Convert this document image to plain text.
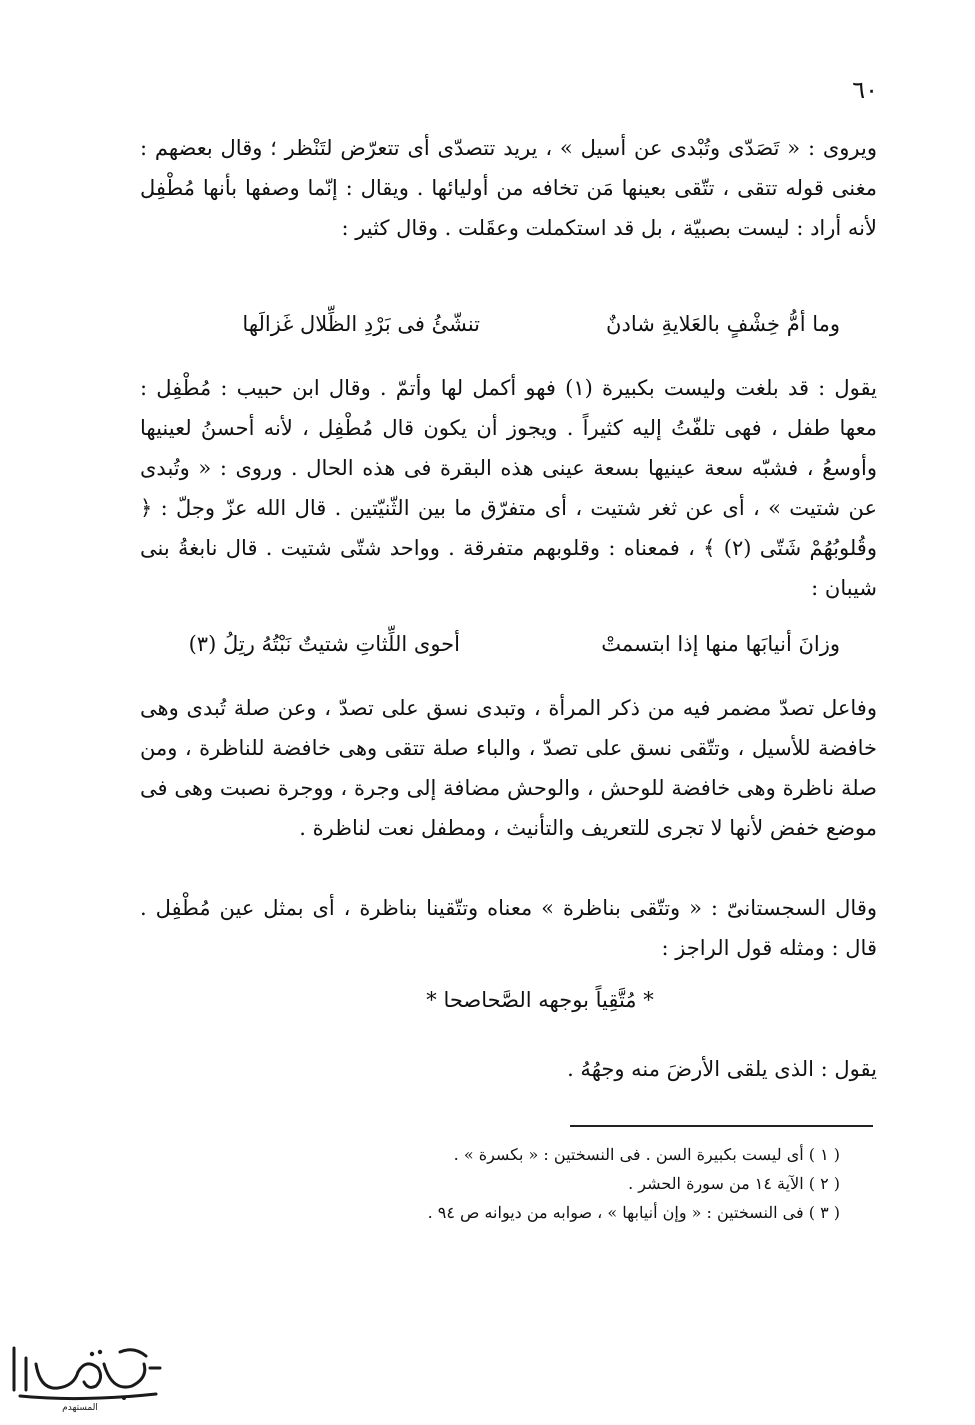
٦٠
ويروى : « تَصَدّى وتُبْدى عن أسيل » ، يريد تتصدّى أى تتعرّض لتَنْظر ؛ وقال بعضهم : مغنى قوله تتقى ، تتّقى بعينها مَن تخافه من أوليائها . ويقال : إنّما وصفها بأنها مُطْفِل لأنه أراد : ليست بصبيّة ، بل قد استكملت وعقَلت . وقال كثير :
وما أمُّ خِشْفٍ بالعَلايةِ شادنٌ
تنشّئُ فى بَرْدِ الظِّلال غَزالَها
يقول : قد بلغت وليست بكبيرة (١) فهو أكمل لها وأتمّ . وقال ابن حبيب : مُطْفِل : معها طفل ، فهى تلفّتُ إليه كثيراً . ويجوز أن يكون قال مُطْفِل ، لأنه أحسنُ لعينيها وأوسعُ ، فشبّه سعة عينيها بسعة عينى هذه البقرة فى هذه الحال . وروى : « وتُبدى عن شتيت » ، أى عن ثغر شتيت ، أى متفرّق ما بين الثّنيّتين . قال الله عزّ وجلّ : ﴿ وقُلوبُهُمْ شَتّى (٢) ﴾ ، فمعناه : وقلوبهم متفرقة . وواحد شتّى شتيت . قال نابغةُ بنى شيبان :
وزانَ أنيابَها منها إذا ابتسمتْ
أحوى اللِّثاتِ شتيتٌ نَبْتُهُ رتِلُ (٣)
وفاعل تصدّ مضمر فيه من ذكر المرأة ، وتبدى نسق على تصدّ ، وعن صلة تُبدى وهى خافضة للأسيل ، وتتّقى نسق على تصدّ ، والباء صلة تتقى وهى خافضة للناظرة ، ومن صلة ناظرة وهى خافضة للوحش ، والوحش مضافة إلى وجرة ، ووجرة نصبت وهى فى موضع خفض لأنها لا تجرى للتعريف والتأنيث ، ومطفل نعت لناظرة .
وقال السجستانىّ : « وتتّقى بناظرة » معناه وتتّقينا بناظرة ، أى بمثل عين مُطْفِل . قال : ومثله قول الراجز :
* مُتَّقِياً بوجهه الصَّحاصحا *
يقول : الذى يلقى الأرضَ منه وجهُهُ .
( ١ ) أى ليست بكبيرة السن . فى النسختين : « بكسرة » .
( ٢ ) الآية ١٤ من سورة الحشر .
( ٣ ) فى النسختين : « وإن أنيابها » ، صوابه من ديوانه ص ٩٤ .
المستهدم
